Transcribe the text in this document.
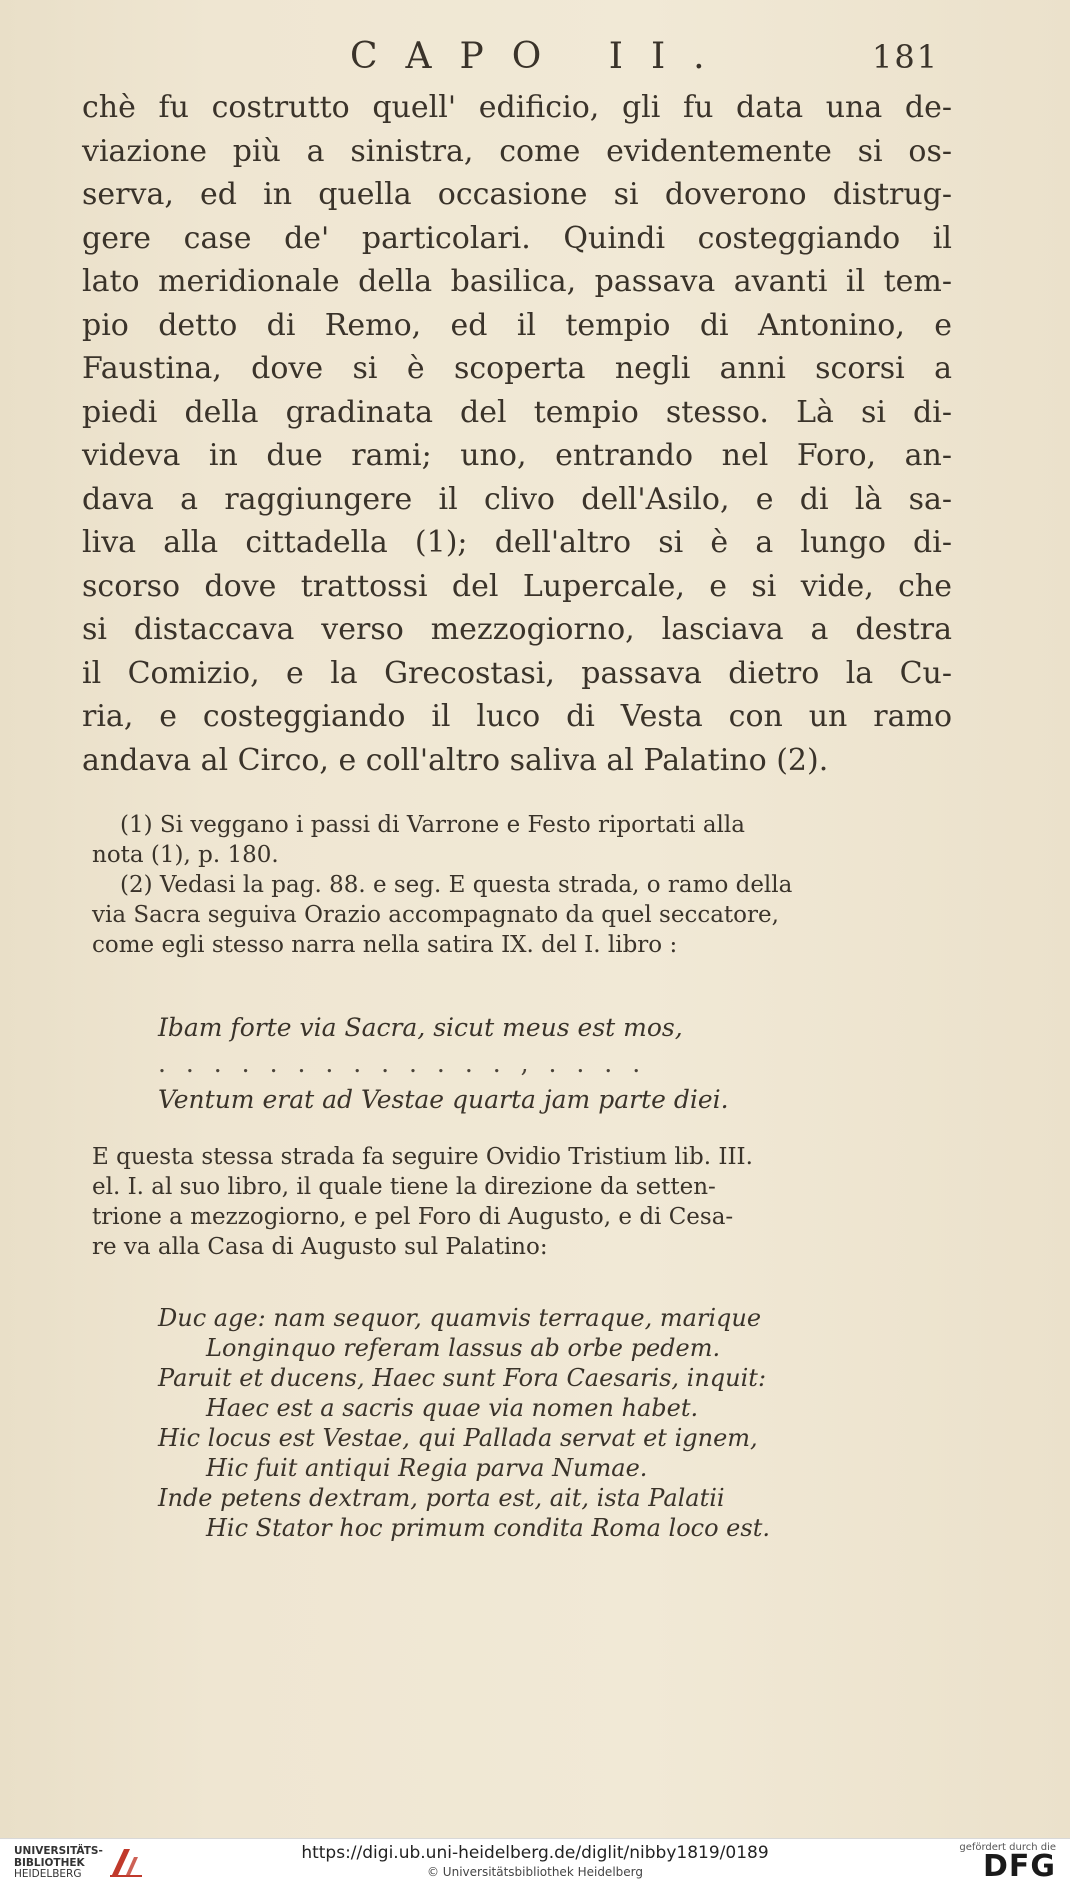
CAPO II.	181
chè fu costrutto quell' edificio, gli fu data una de-
viazione più a sinistra, come evidentemente si os-
serva, ed in quella occasione si doverono distrug-
gere case de' particolari. Quindi costeggiando il
lato meridionale della basilica, passava avanti il tem-
pio detto di Remo, ed il tempio di Antonino, e
Faustina, dove si è scoperta negli anni scorsi a
piedi della gradinata del tempio stesso. Là si di-
videva in due rami; uno, entrando nel Foro, an-
dava a raggiungere il clivo dell'Asilo, e di là sa-
liva alla cittadella (1); dell'altro si è a lungo di-
scorso dove trattossi del Lupercale, e si vide, che
si distaccava verso mezzogiorno, lasciava a destra
il Comizio, e la Grecostasi, passava dietro la Cu-
ria, e costeggiando il luco di Vesta con un ramo
andava al Circo, e coll'altro saliva al Palatino (2).
(1) Si veggano i passi di Varrone e Festo riportati alla
nota (1), p. 180.
(2) Vedasi la pag. 88. e seg. E questa strada, o ramo della
via Sacra seguiva Orazio accompagnato da quel seccatore,
come egli stesso narra nella satira IX. del I. libro :
Ibam forte via Sacra, sicut meus est mos,
. . . . . . . . . . . . . , . . . .
Ventum erat ad Vestae quarta jam parte diei.
E questa stessa strada fa seguire Ovidio Tristium lib. III.
el. I. al suo libro, il quale tiene la direzione da setten-
trione a mezzogiorno, e pel Foro di Augusto, e di Cesa-
re va alla Casa di Augusto sul Palatino:
Duc age: nam sequor, quamvis terraque, marique
Longinquo referam lassus ab orbe pedem.
Paruit et ducens, Haec sunt Fora Caesaris, inquit:
Haec est a sacris quae via nomen habet.
Hic locus est Vestae, qui Pallada servat et ignem,
Hic fuit antiqui Regia parva Numae.
Inde petens dextram, porta est, ait, ista Palatii
Hic Stator hoc primum condita Roma loco est.
UNIVERSITÄTS-
BIBLIOTHEK
HEIDELBERG
https://digi.ub.uni-heidelberg.de/diglit/nibby1819/0189
© Universitätsbibliothek Heidelberg
gefördert durch die
DFG
